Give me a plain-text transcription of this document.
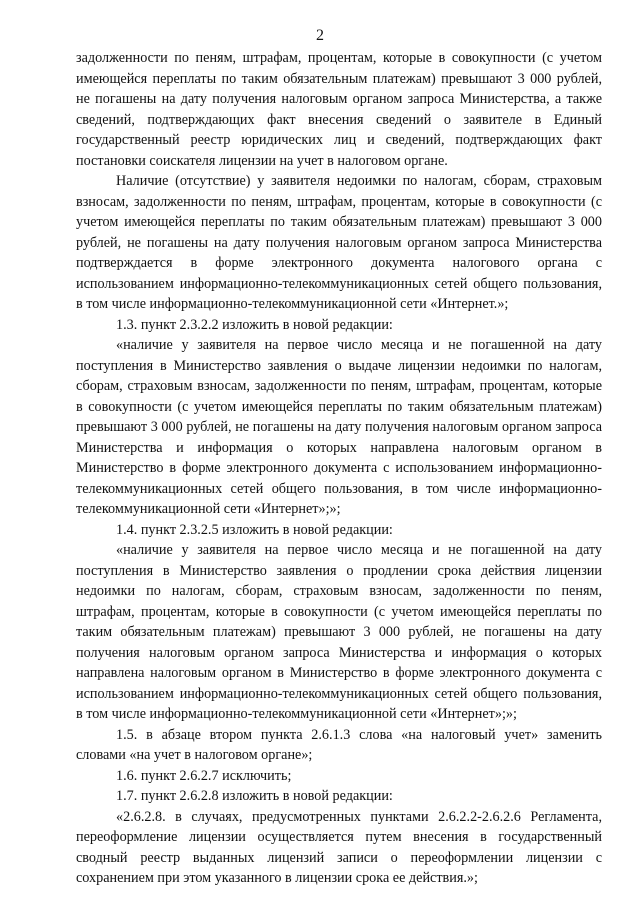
2

задолженности по пеням, штрафам, процентам, которые в совокупности (с учетом имеющейся переплаты по таким обязательным платежам) превышают 3 000 рублей, не погашены на дату получения налоговым органом запроса Министерства, а также сведений, подтверждающих факт внесения сведений о заявителе в Единый государственный реестр юридических лиц и сведений, подтверждающих факт постановки соискателя лицензии на учет в налоговом органе.

Наличие (отсутствие) у заявителя недоимки по налогам, сборам, страховым взносам, задолженности по пеням, штрафам, процентам, которые в совокупности (с учетом имеющейся переплаты по таким обязательным платежам) превышают 3 000 рублей, не погашены на дату получения налоговым органом запроса Министерства подтверждается в форме электронного документа налогового органа с использованием информационно-телекоммуникационных сетей общего пользования, в том числе информационно-телекоммуникационной сети «Интернет.»;

1.3. пункт 2.3.2.2 изложить в новой редакции:

«наличие у заявителя на первое число месяца и не погашенной на дату поступления в Министерство заявления о выдаче лицензии недоимки по налогам, сборам, страховым взносам, задолженности по пеням, штрафам, процентам, которые в совокупности (с учетом имеющейся переплаты по таким обязательным платежам) превышают 3 000 рублей, не погашены на дату получения налоговым органом запроса Министерства и информация о которых направлена налоговым органом в Министерство в форме электронного документа с использованием информационно-телекоммуникационных сетей общего пользования, в том числе информационно-телекоммуникационной сети «Интернет»;»;

1.4. пункт 2.3.2.5 изложить в новой редакции:

«наличие у заявителя на первое число месяца и не погашенной на дату поступления в Министерство заявления о продлении срока действия лицензии недоимки по налогам, сборам, страховым взносам, задолженности по пеням, штрафам, процентам, которые в совокупности (с учетом имеющейся переплаты по таким обязательным платежам) превышают 3 000 рублей, не погашены на дату получения налоговым органом запроса Министерства и информация о которых направлена налоговым органом в Министерство в форме электронного документа с использованием информационно-телекоммуникационных сетей общего пользования, в том числе информационно-телекоммуникационной сети «Интернет»;»;

1.5. в абзаце втором пункта 2.6.1.3 слова «на налоговый учет» заменить словами «на учет в налоговом органе»;

1.6. пункт 2.6.2.7 исключить;

1.7. пункт 2.6.2.8 изложить в новой редакции:

«2.6.2.8. в случаях, предусмотренных пунктами 2.6.2.2-2.6.2.6 Регламента, переоформление лицензии осуществляется путем внесения в государственный сводный реестр выданных лицензий записи о переоформлении лицензии с сохранением при этом указанного в лицензии срока ее действия.»;
